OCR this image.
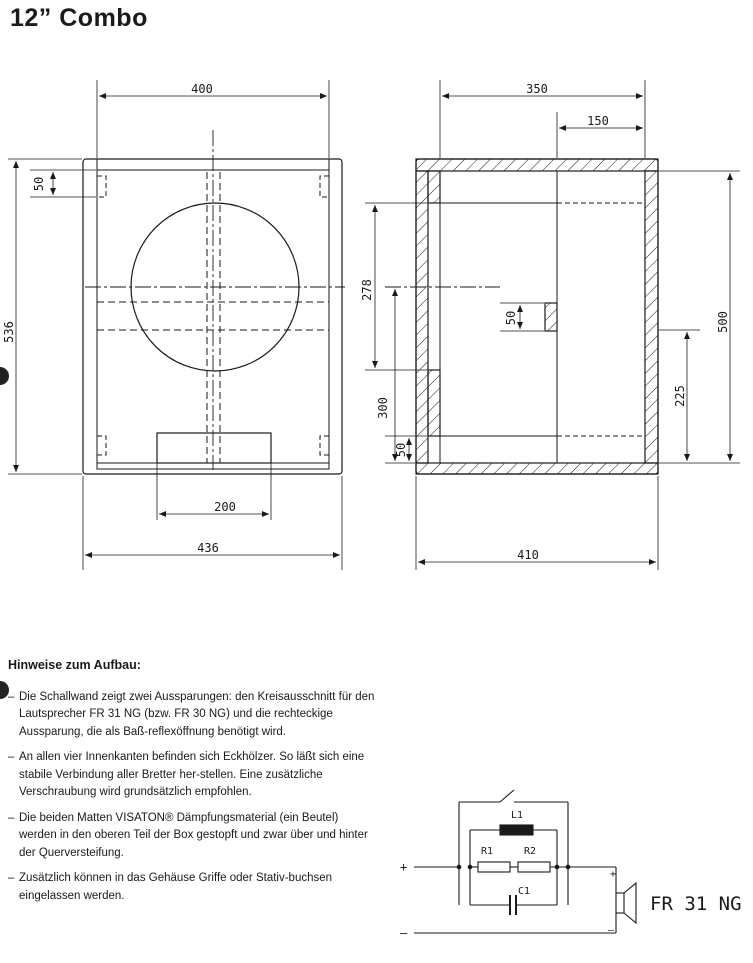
12” Combo
400
436
200
536
50
350
150
410
500
225
50
278
300
50
+
–
+
–
L1
R1	R2
C1
FR 31 NG
Hinweise zum Aufbau:
– Die Schallwand zeigt zwei Aussparungen: den Kreisausschnitt für den Lautsprecher FR 31 NG (bzw. FR 30 NG) und die rechteckige Aussparung, die als Baß-reflexöffnung benötigt wird.
– An allen vier Innenkanten befinden sich Eckhölzer. So läßt sich eine stabile Verbindung aller Bretter her-stellen. Eine zusätzliche Verschraubung wird grundsätzlich empfohlen.
– Die beiden Matten VISATON® Dämpfungsmaterial (ein Beutel) werden in den oberen Teil der Box gestopft und zwar über und hinter der Querversteifung.
– Zusätzlich können in das Gehäuse Griffe oder Stativ-buchsen eingelassen werden.
